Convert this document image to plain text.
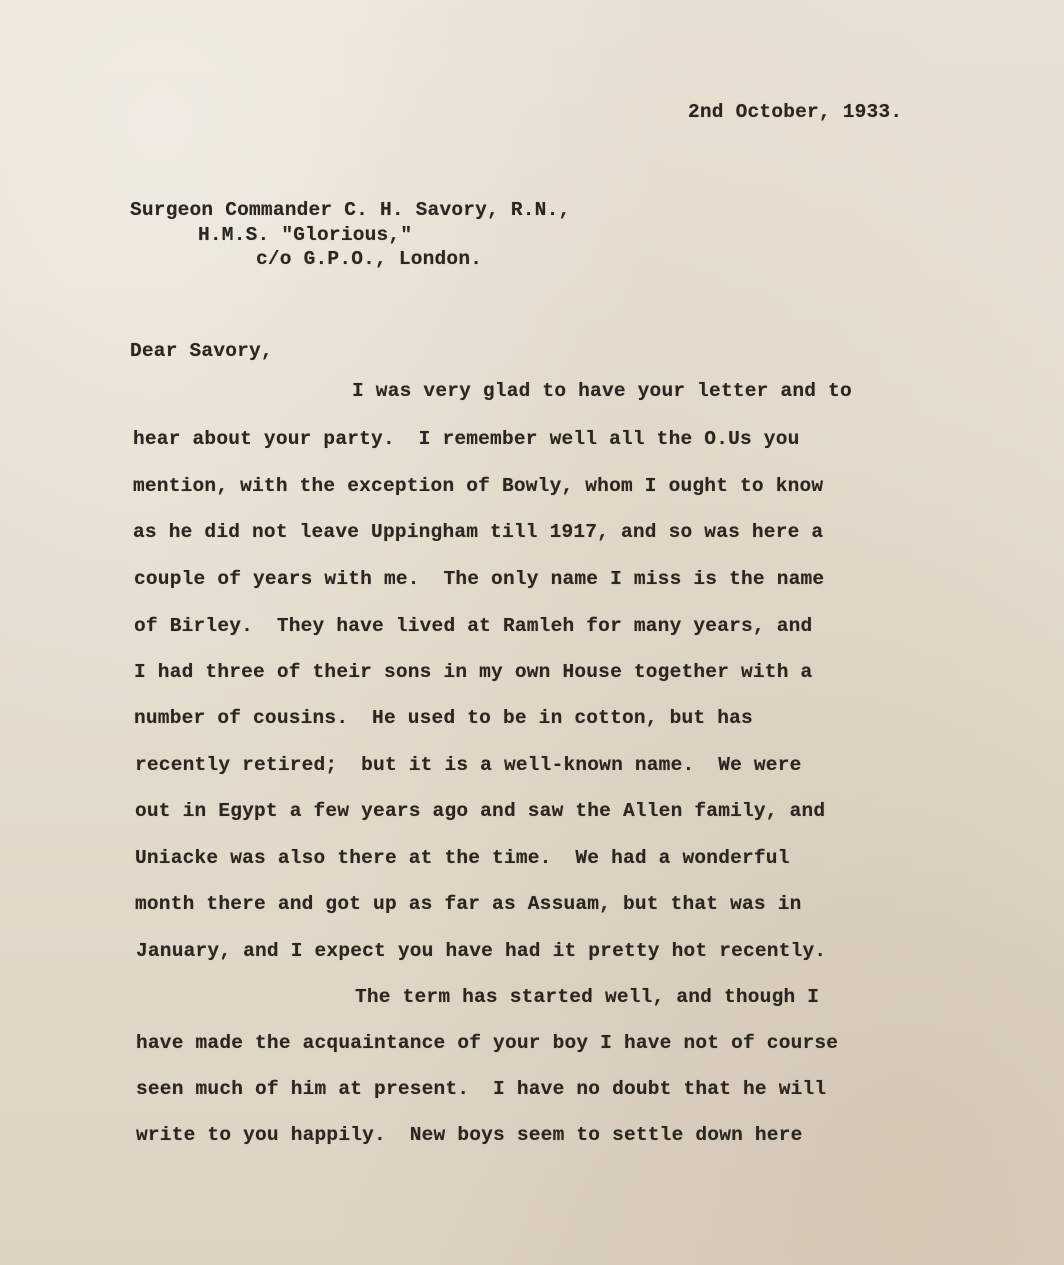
2nd October, 1933.
Surgeon Commander C. H. Savory, R.N.,
H.M.S. "Glorious,"
c/o G.P.O., London.
Dear Savory,
I was very glad to have your letter and to
hear about your party.  I remember well all the O.Us you
mention, with the exception of Bowly, whom I ought to know
as he did not leave Uppingham till 1917, and so was here a
couple of years with me.  The only name I miss is the name
of Birley.  They have lived at Ramleh for many years, and
I had three of their sons in my own House together with a
number of cousins.  He used to be in cotton, but has
recently retired;  but it is a well-known name.  We were
out in Egypt a few years ago and saw the Allen family, and
Uniacke was also there at the time.  We had a wonderful
month there and got up as far as Assuam, but that was in
January, and I expect you have had it pretty hot recently.
The term has started well, and though I
have made the acquaintance of your boy I have not of course
seen much of him at present.  I have no doubt that he will
write to you happily.  New boys seem to settle down here
